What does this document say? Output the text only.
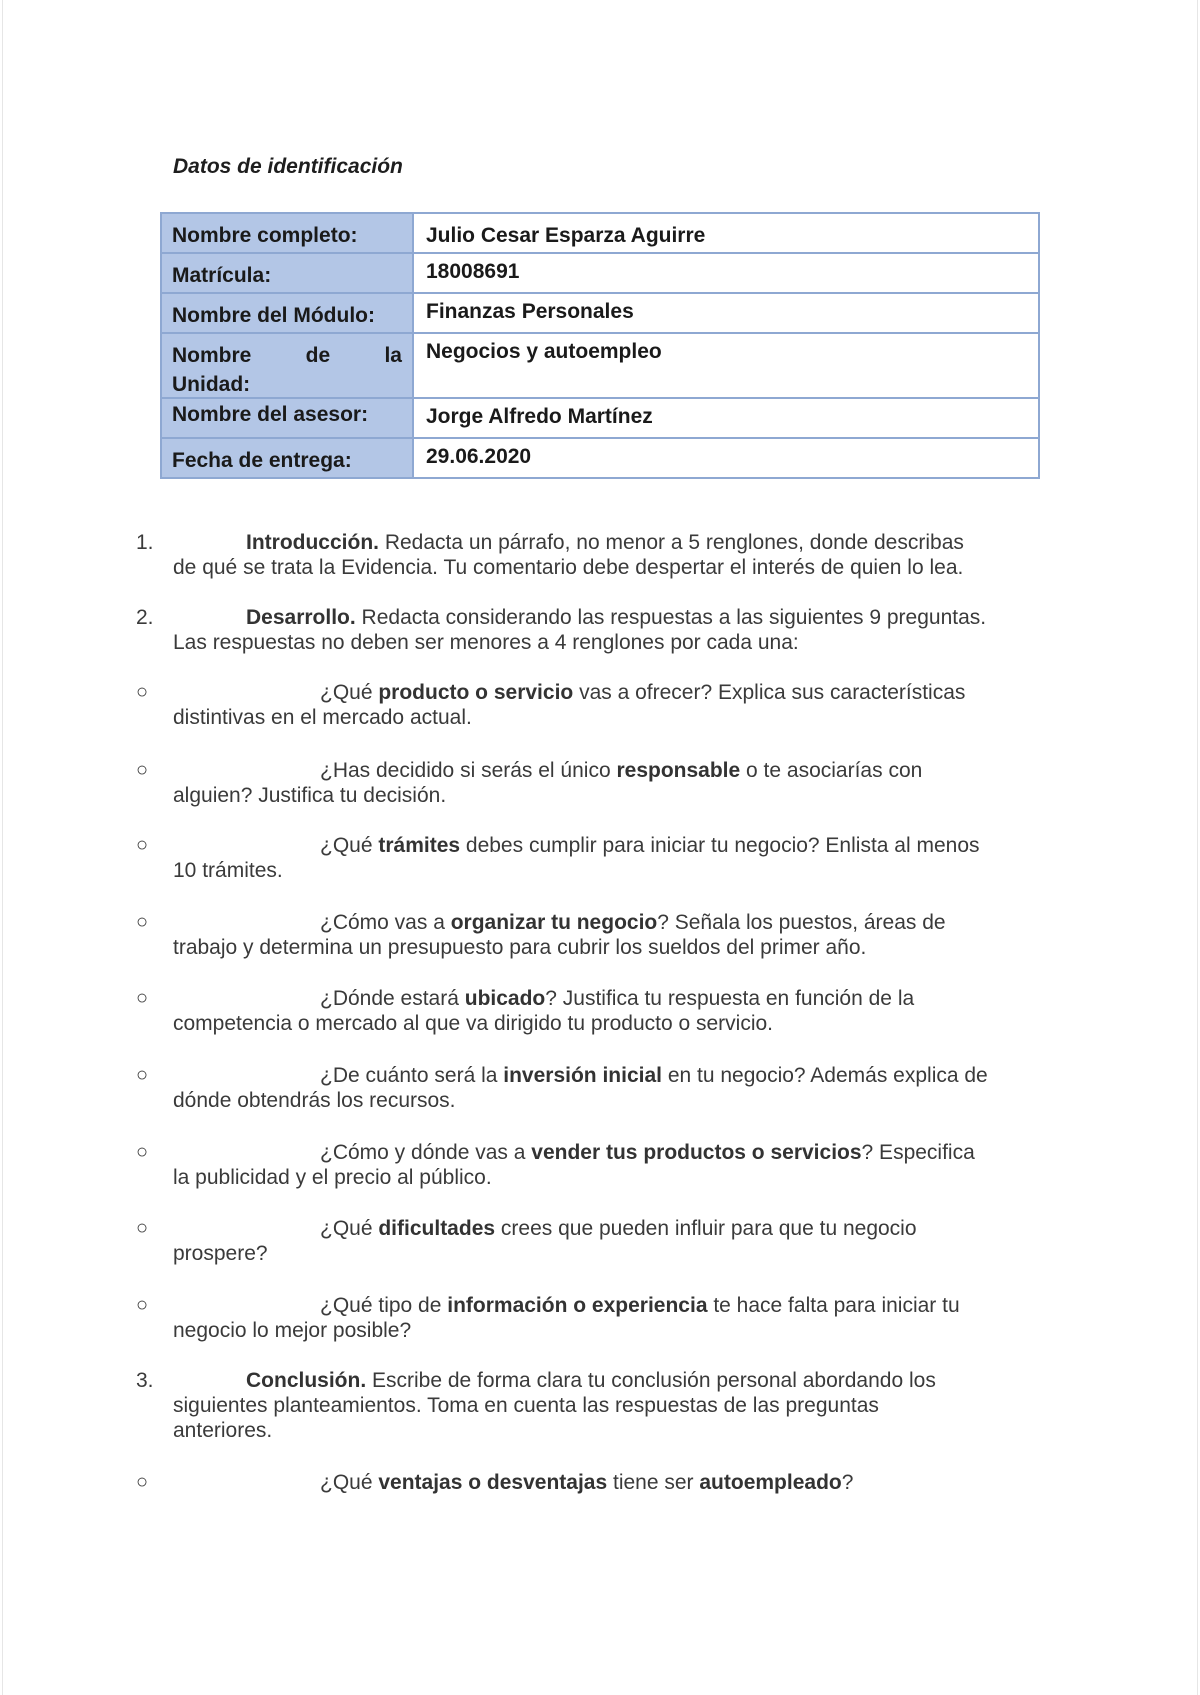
Datos de identificación
Nombre completo:	Julio Cesar Esparza Aguirre
Matrícula:	18008691
Nombre del Módulo:	Finanzas Personales

Nombre de la
Unidad:	Negocios y autoempleo
Nombre del asesor:	Jorge Alfredo Martínez
Fecha de entrega:	29.06.2020
1.	Introducción. Redacta un párrafo, no menor a 5 renglones, donde describas
de qué se trata la Evidencia. Tu comentario debe despertar el interés de quien lo lea.
2.	Desarrollo. Redacta considerando las respuestas a las siguientes 9 preguntas.
Las respuestas no deben ser menores a 4 renglones por cada una:
○	¿Qué producto o servicio vas a ofrecer? Explica sus características
distintivas en el mercado actual.
○	¿Has decidido si serás el único responsable o te asociarías con
alguien? Justifica tu decisión.
○	¿Qué trámites debes cumplir para iniciar tu negocio? Enlista al menos
10 trámites.
○	¿Cómo vas a organizar tu negocio? Señala los puestos, áreas de
trabajo y determina un presupuesto para cubrir los sueldos del primer año.
○	¿Dónde estará ubicado? Justifica tu respuesta en función de la
competencia o mercado al que va dirigido tu producto o servicio.
○	¿De cuánto será la inversión inicial en tu negocio? Además explica de
dónde obtendrás los recursos.
○	¿Cómo y dónde vas a vender tus productos o servicios? Especifica
la publicidad y el precio al público.
○	¿Qué dificultades crees que pueden influir para que tu negocio
prospere?
○	¿Qué tipo de información o experiencia te hace falta para iniciar tu
negocio lo mejor posible?
3.	Conclusión. Escribe de forma clara tu conclusión personal abordando los
siguientes planteamientos. Toma en cuenta las respuestas de las preguntas
anteriores.
○	¿Qué ventajas o desventajas tiene ser autoempleado?
